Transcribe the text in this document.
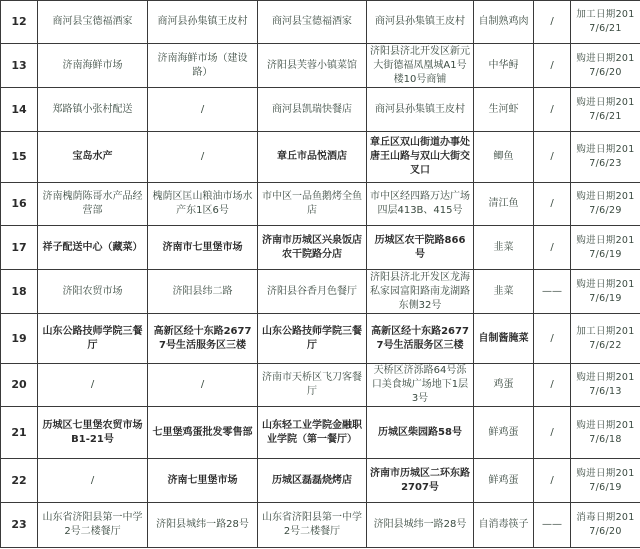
12	商河县宝德福酒家	商河县孙集镇王皮村	商河县宝德福酒家	商河县孙集镇王皮村	自制熟鸡肉	/	加工日期2017/6/21
13	济南海鲜市场	济南海鲜市场（建设路）	济阳县芙蓉小镇菜馆	济阳县济北开发区新元大街德福凤凰城A1号楼10号商铺	中华鲟	/	购进日期2017/6/20
14	郑路镇小张村配送	/	商河县凯瑞快餐店	商河县孙集镇王皮村	生河虾	/	购进日期2017/6/21
15	宝岛水产	/	章丘市品悦酒店	章丘区双山街道办事处唐王山路与双山大街交叉口	鲫鱼	/	购进日期2017/6/23
16	济南槐荫陈哥水产品经营部	槐荫区匡山粮油市场水产东1区6号	市中区一品鱼鹅烤全鱼店	市中区经四路万达广场四层413B、415号	清江鱼	/	购进日期2017/6/29
17	祥子配送中心（藏菜）	济南市七里堡市场	济南市历城区兴泉饭店农干院路分店	历城区农干院路866号	韭菜	/	购进日期2017/6/19
18	济阳农贸市场	济阳县纬二路	济阳县谷香月色餐厅	济阳县济北开发区龙海私家园富阳路南龙湖路东侧32号	韭菜	——	购进日期2017/6/19
19	山东公路技师学院三餐厅	高新区经十东路26777号生活服务区三楼	山东公路技师学院三餐厅	高新区经十东路26777号生活服务区三楼	自制酱腌菜	/	加工日期2017/6/22
20	/	/	济南市天桥区飞刀客餐厅	天桥区济泺路64号泺口美食城广场地下1层3号	鸡蛋	/	购进日期2017/6/13
21	历城区七里堡农贸市场B1-21号	七里堡鸡蛋批发零售部	山东轻工业学院金融职业学院（第一餐厅）	历城区柴园路58号	鲜鸡蛋	/	购进日期2017/6/18
22	/	济南七里堡市场	历城区磊磊烧烤店	济南市历城区二环东路2707号	鲜鸡蛋	/	购进日期2017/6/19
23	山东省济阳县第一中学2号二楼餐厅	济阳县城纬一路28号	山东省济阳县第一中学2号二楼餐厅	济阳县城纬一路28号	自消毒筷子	——	消毒日期2017/6/20
